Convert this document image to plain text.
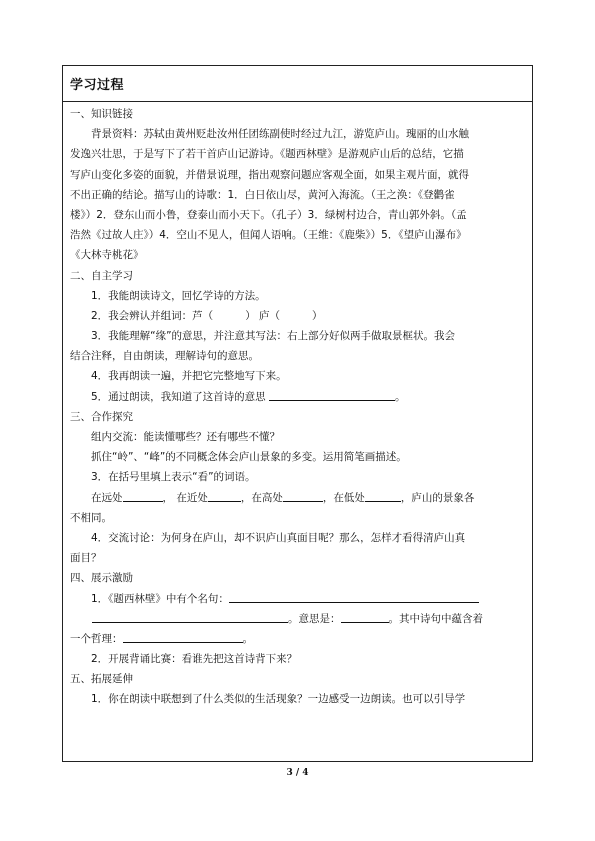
学习过程
一、知识链接
背景资料：苏轼由黄州贬赴汝州任团练副使时经过九江，游览庐山。瑰丽的山水触
发逸兴壮思，于是写下了若干首庐山记游诗。《题西林壁》是游观庐山后的总结，它描
写庐山变化多姿的面貌，并借景说理，指出观察问题应客观全面，如果主观片面，就得
不出正确的结论。描写山的诗歌：1．白日依山尽，黄河入海流。（王之涣：《登鹳雀
楼》）2．登东山而小鲁，登泰山而小天下。（孔子）3．绿树村边合，青山郭外斜。（孟
浩然《过故人庄》）4．空山不见人，但闻人语响。（王维：《鹿柴》）5．《望庐山瀑布》
《大林寺桃花》
二、自主学习
1．我能朗读诗文，回忆学诗的方法。
2．我会辨认并组词：芦（	） 庐（	）
3．我能理解“缘”的意思，并注意其写法：右上部分好似两手做取景框状。我会
结合注释，自由朗读，理解诗句的意思。
4．我再朗读一遍，并把它完整地写下来。
5．通过朗读，我知道了这首诗的意思	。
三、合作探究
组内交流：能读懂哪些？还有哪些不懂？
抓住“岭”、“峰”的不同概念体会庐山景象的多变。运用简笔画描述。
3．在括号里填上表示“看”的词语。
在远处	， 在近处	，在高处	，在低处	，庐山的景象各
不相同。
4．交流讨论：为何身在庐山，却不识庐山真面目呢？那么，怎样才看得清庐山真
面目？
四、展示激励
1．《题西林壁》中有个名句：
。意思是：	。其中诗句中蕴含着
一个哲理：	。
2．开展背诵比赛：看谁先把这首诗背下来？
五、拓展延伸
1．你在朗读中联想到了什么类似的生活现象？一边感受一边朗读。也可以引导学
3 / 4
